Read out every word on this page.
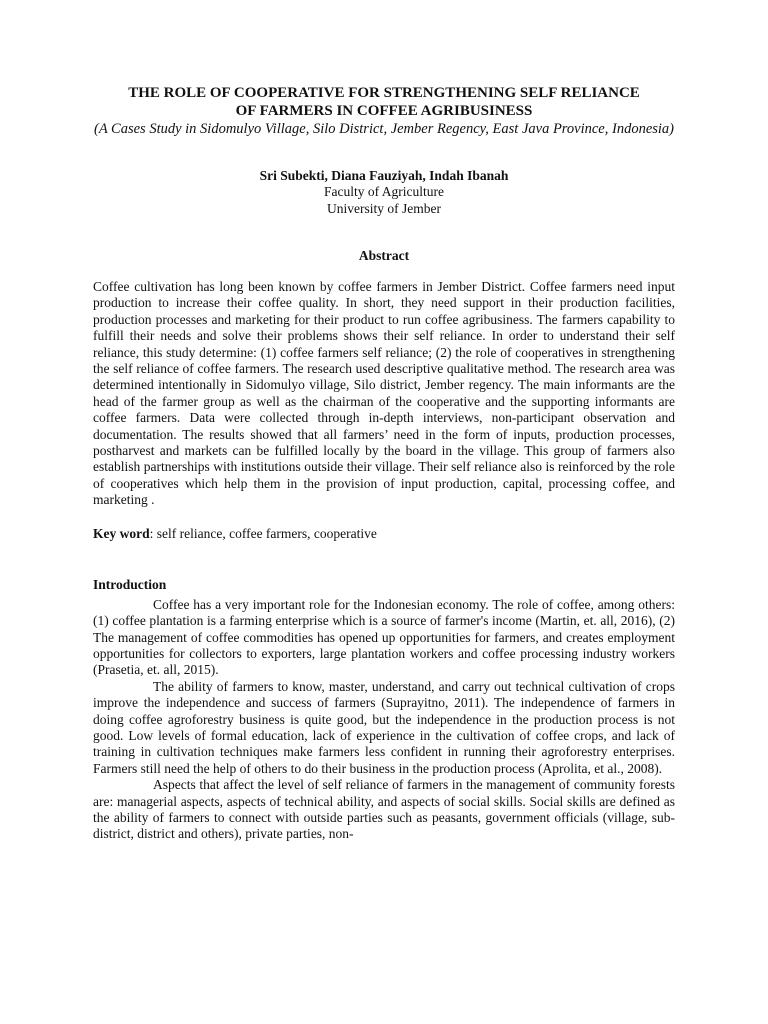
THE ROLE OF COOPERATIVE FOR STRENGTHENING SELF RELIANCE

OF FARMERS IN COFFEE AGRIBUSINESS

(A Cases Study in Sidomulyo Village, Silo District, Jember Regency, East Java Province, Indonesia)

Sri Subekti, Diana Fauziyah, Indah Ibanah

Faculty of Agriculture

University of Jember

Abstract

Coffee cultivation has long been known by coffee farmers in Jember District. Coffee farmers need input production to increase their coffee quality. In short, they need support in their production facilities, production processes and marketing for their product to run coffee agribusiness. The farmers capability to fulfill their needs and solve their problems shows their self reliance. In order to understand their self reliance, this study determine: (1) coffee farmers self reliance; (2) the role of cooperatives in strengthening the self reliance of coffee farmers. The research used descriptive qualitative method. The research area was determined intentionally in Sidomulyo village, Silo district, Jember regency. The main informants are the head of the farmer group as well as the chairman of the cooperative and the supporting informants are coffee farmers. Data were collected through in-depth interviews, non-participant observation and documentation. The results showed that all farmers’ need in the form of inputs, production processes, postharvest and markets can be fulfilled locally by the board in the village. This group of farmers also establish partnerships with institutions outside their village. Their self reliance also is reinforced by the role of cooperatives which help them in the provision of input production, capital, processing coffee, and marketing .

Key word: self reliance, coffee farmers, cooperative

Introduction

Coffee has a very important role for the Indonesian economy. The role of coffee, among others: (1) coffee plantation is a farming enterprise which is a source of farmer's income (Martin, et. all, 2016), (2) The management of coffee commodities has opened up opportunities for farmers, and creates employment opportunities for collectors to exporters, large plantation workers and coffee processing industry workers (Prasetia, et. all, 2015).

The ability of farmers to know, master, understand, and carry out technical cultivation of crops improve the independence and success of farmers (Suprayitno, 2011). The independence of farmers in doing coffee agroforestry business is quite good, but the independence in the production process is not good. Low levels of formal education, lack of experience in the cultivation of coffee crops, and lack of training in cultivation techniques make farmers less confident in running their agroforestry enterprises. Farmers still need the help of others to do their business in the production process (Aprolita, et al., 2008).

Aspects that affect the level of self reliance of farmers in the management of community forests are: managerial aspects, aspects of technical ability, and aspects of social skills. Social skills are defined as the ability of farmers to connect with outside parties such as peasants, government officials (village, sub-district, district and others), private parties, non-
